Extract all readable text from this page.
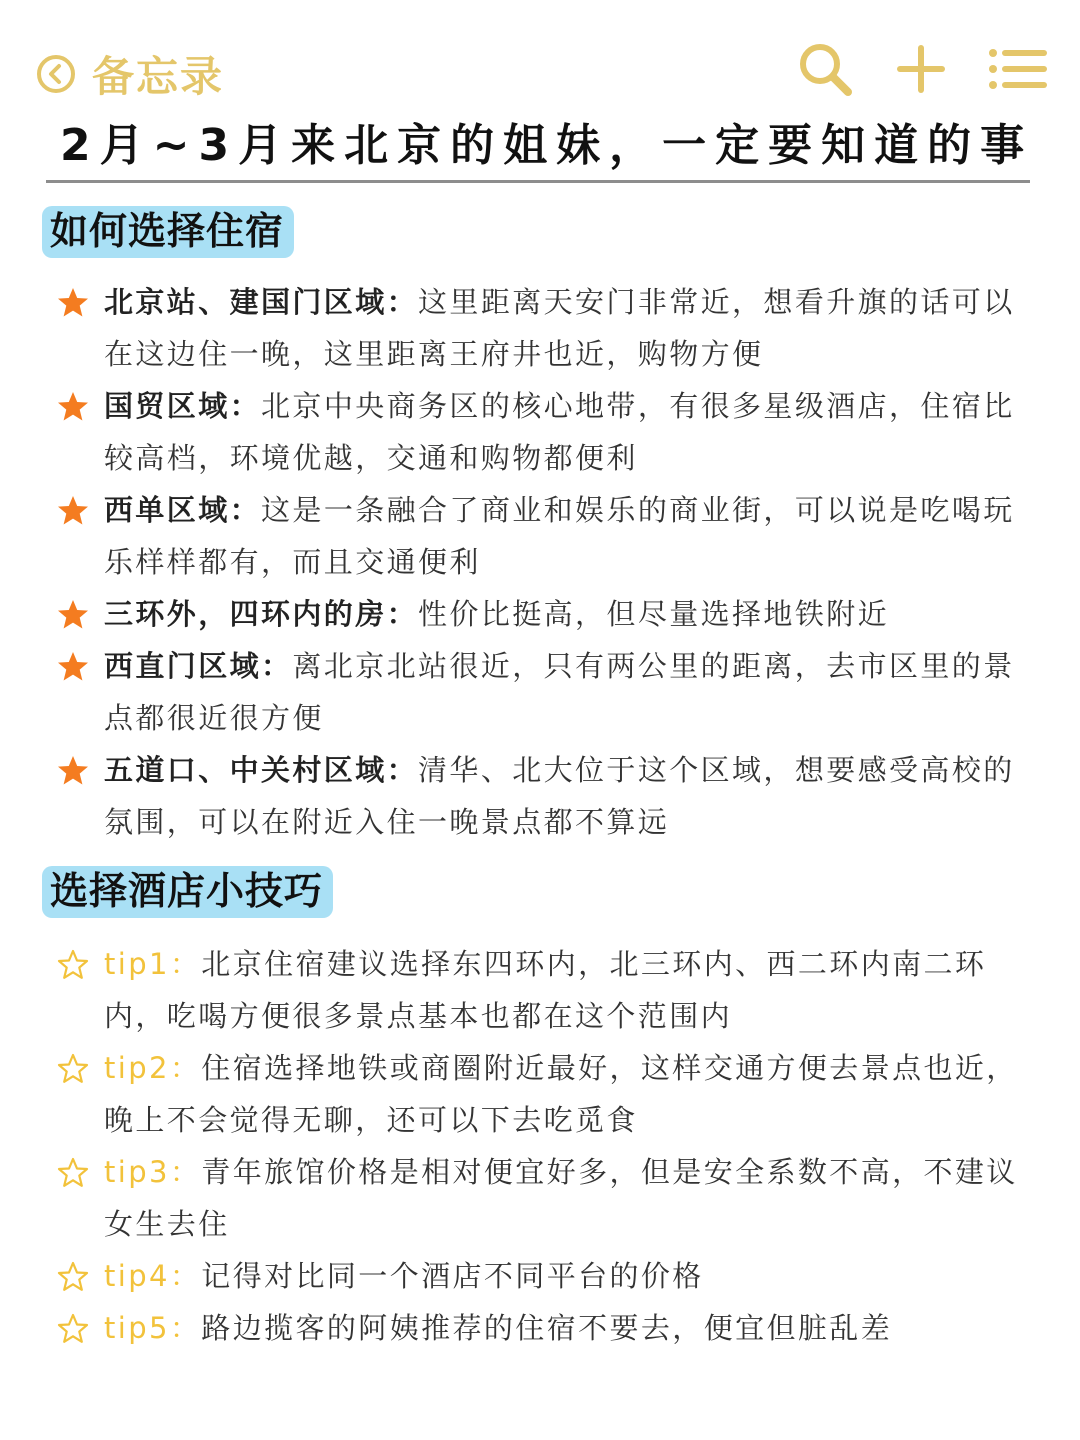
备忘录
2月~3月来北京的姐妹，一定要知道的事
如何选择住宿
北京站、建国门区域：这里距离天安门非常近，想看升旗的话可以在这边住一晚，这里距离王府井也近，购物方便
国贸区域：北京中央商务区的核心地带，有很多星级酒店，住宿比较高档，环境优越，交通和购物都便利
西单区域：这是一条融合了商业和娱乐的商业街，可以说是吃喝玩乐样样都有，而且交通便利
三环外，四环内的房：性价比挺高，但尽量选择地铁附近
西直门区域：离北京北站很近，只有两公里的距离，去市区里的景点都很近很方便
五道口、中关村区域：清华、北大位于这个区域，想要感受高校的氛围，可以在附近入住一晚景点都不算远
选择酒店小技巧
tip1：北京住宿建议选择东四环内，北三环内、西二环内南二环内，吃喝方便很多景点基本也都在这个范围内
tip2：住宿选择地铁或商圈附近最好，这样交通方便去景点也近，晚上不会觉得无聊，还可以下去吃觅食
tip3：青年旅馆价格是相对便宜好多，但是安全系数不高，不建议女生去住
tip4：记得对比同一个酒店不同平台的价格
tip5：路边揽客的阿姨推荐的住宿不要去，便宜但脏乱差
